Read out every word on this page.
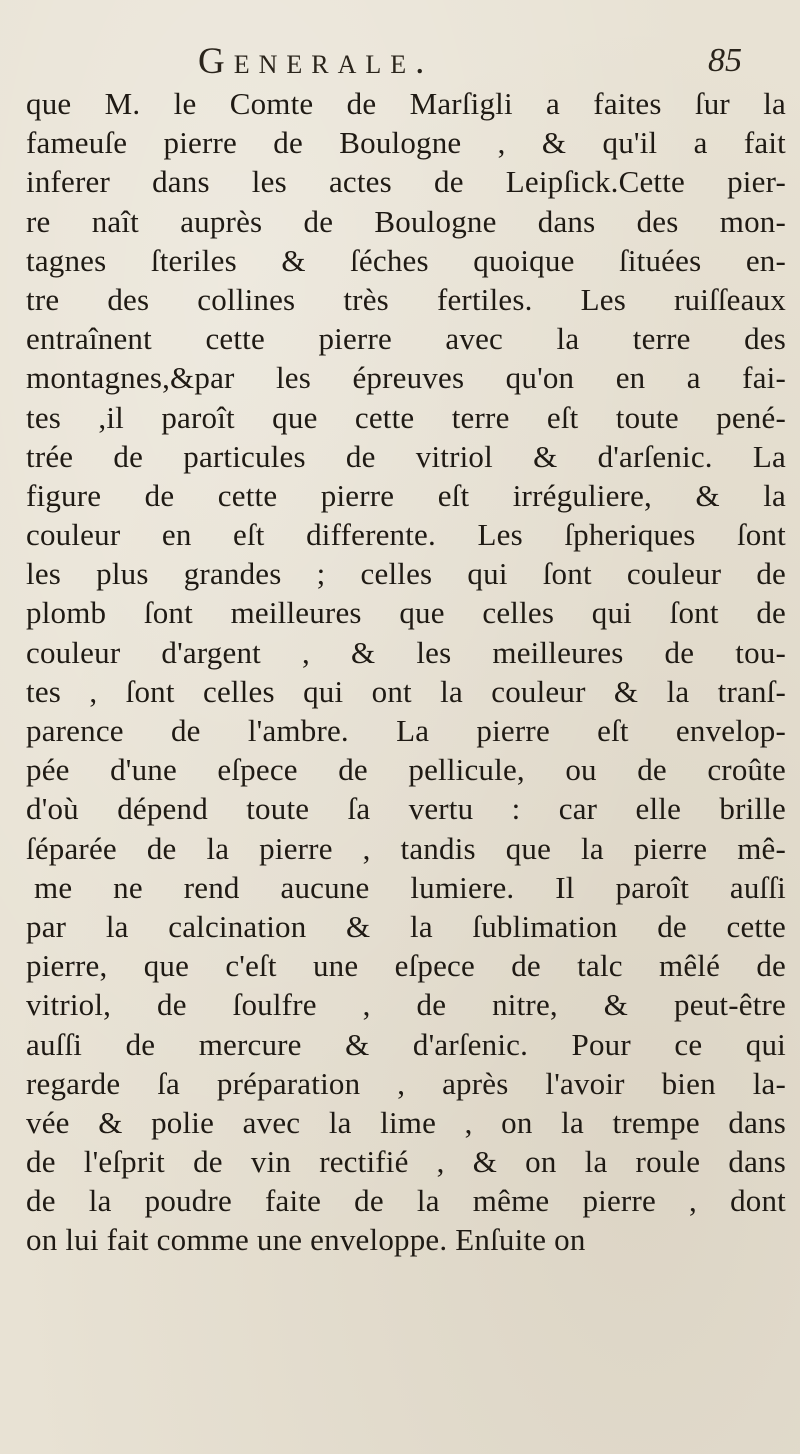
Generale.	85
que M. le Comte de Marſigli a faites ſur la
fameuſe pierre de Boulogne , & qu'il a fait
inferer dans les actes de Leipſick.Cette pier-
re naît auprès de Boulogne dans des mon-
tagnes ſteriles & ſéches quoique ſituées en-
tre des collines très fertiles. Les ruiſſeaux
entraînent cette pierre avec la terre des
montagnes,&par les épreuves qu'on en a fai-
tes ,il paroît que cette terre eſt toute pené-
trée de particules de vitriol & d'arſenic. La
figure de cette pierre eſt irréguliere, & la
couleur en eſt differente. Les ſpheriques ſont
les plus grandes ; celles qui ſont couleur de
plomb ſont meilleures que celles qui ſont de
couleur d'argent , & les meilleures de tou-
tes , ſont celles qui ont la couleur & la tranſ-
parence de l'ambre. La pierre eſt envelop-
pée d'une eſpece de pellicule, ou de croûte
d'où dépend toute ſa vertu : car elle brille
ſéparée de la pierre , tandis que la pierre mê-
me ne rend aucune lumiere. Il paroît auſſi
par la calcination & la ſublimation de cette
pierre, que c'eſt une eſpece de talc mêlé de
vitriol, de ſoulfre , de nitre, & peut-être
auſſi de mercure & d'arſenic. Pour ce qui
regarde ſa préparation , après l'avoir bien la-
vée & polie avec la lime , on la trempe dans
de l'eſprit de vin rectifié , & on la roule dans
de la poudre faite de la même pierre , dont
on lui fait comme une enveloppe. Enſuite on
